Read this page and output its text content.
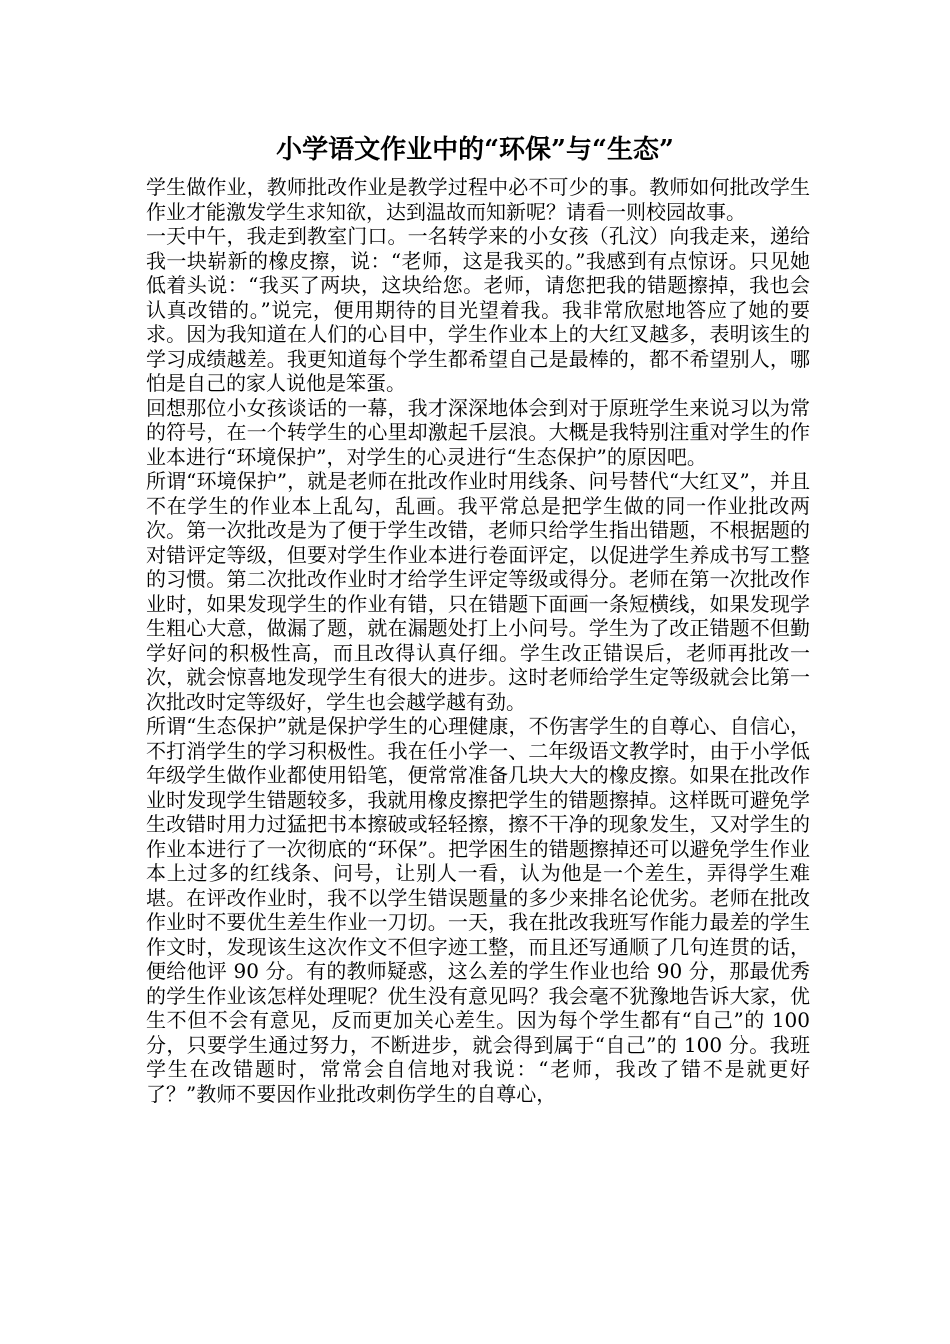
小学语文作业中的“环保”与“生态”

学生做作业，教师批改作业是教学过程中必不可少的事。教师如何批改学生作业才能激发学生求知欲，达到温故而知新呢？请看一则校园故事。

一天中午，我走到教室门口。一名转学来的小女孩（孔汶）向我走来，递给我一块崭新的橡皮擦，说：“老师，这是我买的。”我感到有点惊讶。只见她低着头说：“我买了两块，这块给您。老师，请您把我的错题擦掉，我也会认真改错的。”说完，便用期待的目光望着我。我非常欣慰地答应了她的要求。因为我知道在人们的心目中，学生作业本上的大红叉越多，表明该生的学习成绩越差。我更知道每个学生都希望自己是最棒的，都不希望别人，哪怕是自己的家人说他是笨蛋。

回想那位小女孩谈话的一幕，我才深深地体会到对于原班学生来说习以为常的符号，在一个转学生的心里却激起千层浪。大概是我特别注重对学生的作业本进行“环境保护”，对学生的心灵进行“生态保护”的原因吧。

所谓“环境保护”，就是老师在批改作业时用线条、问号替代“大红叉”，并且不在学生的作业本上乱勾，乱画。我平常总是把学生做的同一作业批改两次。第一次批改是为了便于学生改错，老师只给学生指出错题，不根据题的对错评定等级，但要对学生作业本进行卷面评定，以促进学生养成书写工整的习惯。第二次批改作业时才给学生评定等级或得分。老师在第一次批改作业时，如果发现学生的作业有错，只在错题下面画一条短横线，如果发现学生粗心大意，做漏了题，就在漏题处打上小问号。学生为了改正错题不但勤学好问的积极性高，而且改得认真仔细。学生改正错误后，老师再批改一次，就会惊喜地发现学生有很大的进步。这时老师给学生定等级就会比第一次批改时定等级好，学生也会越学越有劲。

所谓“生态保护”就是保护学生的心理健康，不伤害学生的自尊心、自信心，不打消学生的学习积极性。我在任小学一、二年级语文教学时，由于小学低年级学生做作业都使用铅笔，便常常准备几块大大的橡皮擦。如果在批改作业时发现学生错题较多，我就用橡皮擦把学生的错题擦掉。这样既可避免学生改错时用力过猛把书本擦破或轻轻擦，擦不干净的现象发生，又对学生的作业本进行了一次彻底的“环保”。把学困生的错题擦掉还可以避免学生作业本上过多的红线条、问号，让别人一看，认为他是一个差生，弄得学生难堪。在评改作业时，我不以学生错误题量的多少来排名论优劣。老师在批改作业时不要优生差生作业一刀切。一天，我在批改我班写作能力最差的学生作文时，发现该生这次作文不但字迹工整，而且还写通顺了几句连贯的话，便给他评 90 分。有的教师疑惑，这么差的学生作业也给 90 分，那最优秀的学生作业该怎样处理呢？优生没有意见吗？我会毫不犹豫地告诉大家，优生不但不会有意见，反而更加关心差生。因为每个学生都有“自己”的 100 分，只要学生通过努力，不断进步，就会得到属于“自己”的 100 分。我班学生在改错题时，常常会自信地对我说：“老师，我改了错不是就更好了？”教师不要因作业批改刺伤学生的自尊心，
